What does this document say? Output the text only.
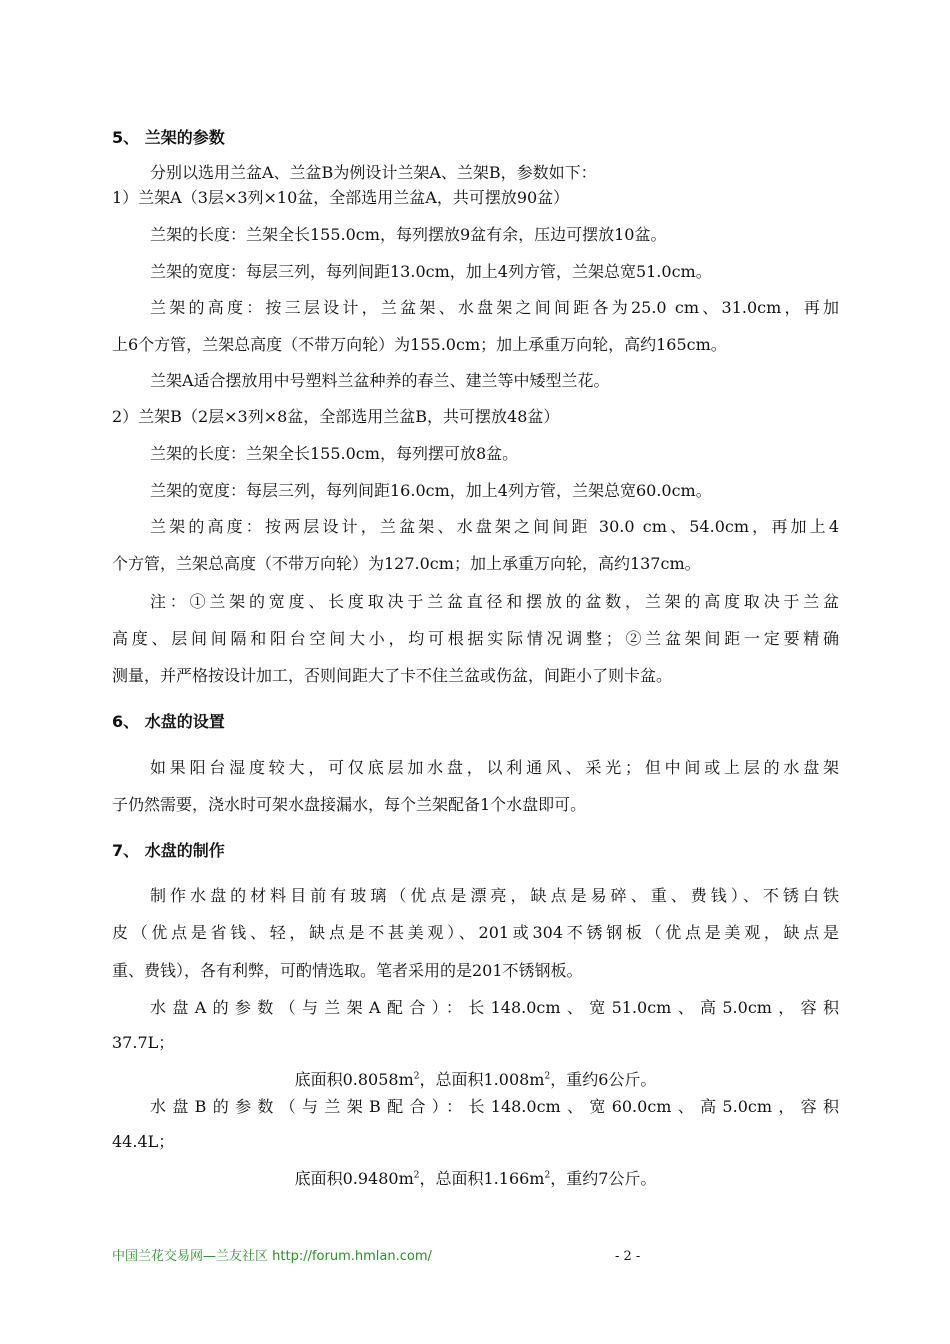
5、 兰架的参数
分别以选用兰盆A、兰盆B为例设计兰架A、兰架B，参数如下：
1）兰架A（3层×3列×10盆，全部选用兰盆A，共可摆放90盆）
兰架的长度：兰架全长155.0cm，每列摆放9盆有余，压边可摆放10盆。
兰架的宽度：每层三列，每列间距13.0cm，加上4列方管，兰架总宽51.0cm。
兰架的高度：按三层设计，兰盆架、水盘架之间间距各为25.0 cm、31.0cm，再加
上6个方管，兰架总高度（不带万向轮）为155.0cm；加上承重万向轮，高约165cm。
兰架A适合摆放用中号塑料兰盆种养的春兰、建兰等中矮型兰花。
2）兰架B（2层×3列×8盆，全部选用兰盆B，共可摆放48盆）
兰架的长度：兰架全长155.0cm，每列摆可放8盆。
兰架的宽度：每层三列，每列间距16.0cm，加上4列方管，兰架总宽60.0cm。
兰架的高度：按两层设计，兰盆架、水盘架之间间距 30.0 cm、54.0cm，再加上4
个方管，兰架总高度（不带万向轮）为127.0cm；加上承重万向轮，高约137cm。
注：①兰架的宽度、长度取决于兰盆直径和摆放的盆数，兰架的高度取决于兰盆
高度、层间间隔和阳台空间大小，均可根据实际情况调整；②兰盆架间距一定要精确
测量，并严格按设计加工，否则间距大了卡不住兰盆或伤盆，间距小了则卡盆。
6、 水盘的设置
如果阳台湿度较大，可仅底层加水盘，以利通风、采光；但中间或上层的水盘架
子仍然需要，浇水时可架水盘接漏水，每个兰架配备1个水盘即可。
7、 水盘的制作
制作水盘的材料目前有玻璃（优点是漂亮，缺点是易碎、重、费钱）、不锈白铁
皮（优点是省钱、轻，缺点是不甚美观）、201或304不锈钢板（优点是美观，缺点是
重、费钱），各有利弊，可酌情选取。笔者采用的是201不锈钢板。
水盘A的参数（与兰架A配合）：长148.0cm、宽51.0cm、高5.0cm，容积
37.7L；
底面积$0.8058m^2$，总面积$1.008m^2$，重约6公斤。
水盘B的参数（与兰架B配合）：长148.0cm、宽60.0cm、高5.0cm，容积
44.4L；
底面积$0.9480m^2$，总面积$1.166m^2$，重约7公斤。
中国兰花交易网—兰友社区 http://forum.hmlan.com/	- 2 -
